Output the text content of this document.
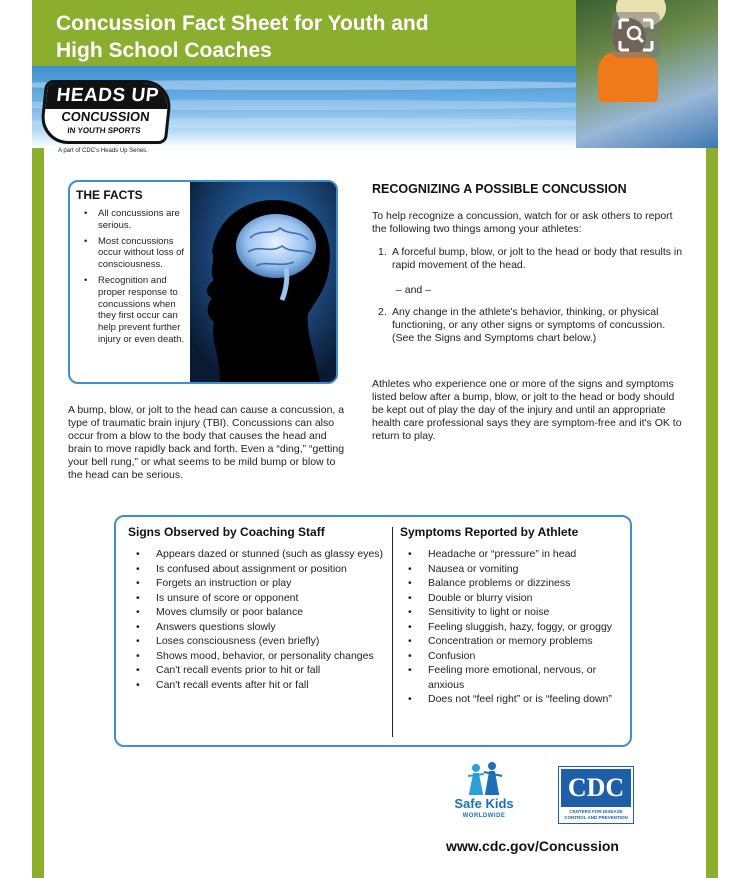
Concussion Fact Sheet for Youth and
High School Coaches
HEADS UP
CONCUSSION
IN YOUTH SPORTS
A part of CDC's Heads Up Series.
THE FACTS
• All concussions are serious.
• Most concussions occur without loss of consciousness.
• Recognition and proper response to concussions when they first occur can help prevent further injury or even death.

A bump, blow, or jolt to the head can cause a concussion, a type of traumatic brain injury (TBI). Concussions can also occur from a blow to the body that causes the head and brain to move rapidly back and forth. Even a “ding,” “getting your bell rung,” or what seems to be mild bump or blow to the head can be serious.

RECOGNIZING A POSSIBLE CONCUSSION

To help recognize a concussion, watch for or ask others to report the following two things among your athletes:

1. A forceful bump, blow, or jolt to the head or body that results in rapid movement of the head.
– and –
2. Any change in the athlete's behavior, thinking, or physical functioning, or any other signs or symptoms of concussion. (See the Signs and Symptoms chart below.)

Athletes who experience one or more of the signs and symptoms listed below after a bump, blow, or jolt to the head or body should be kept out of play the day of the injury and until an appropriate health care professional says they are symptom-free and it's OK to return to play.

Signs Observed by Coaching Staff
• Appears dazed or stunned (such as glassy eyes)
• Is confused about assignment or position
• Forgets an instruction or play
• Is unsure of score or opponent
• Moves clumsily or poor balance
• Answers questions slowly
• Loses consciousness (even briefly)
• Shows mood, behavior, or personality changes
• Can't recall events prior to hit or fall
• Can't recall events after hit or fall
Symptoms Reported by Athlete
• Headache or “pressure” in head
• Nausea or vomiting
• Balance problems or dizziness
• Double or blurry vision
• Sensitivity to light or noise
• Feeling sluggish, hazy, foggy, or groggy
• Concentration or memory problems
• Confusion
• Feeling more emotional, nervous, or anxious
• Does not “feel right” or is “feeling down”
Safe Kids
WORLDWIDE
CDC
CENTERS FOR DISEASE CONTROL AND PREVENTION
www.cdc.gov/Concussion
